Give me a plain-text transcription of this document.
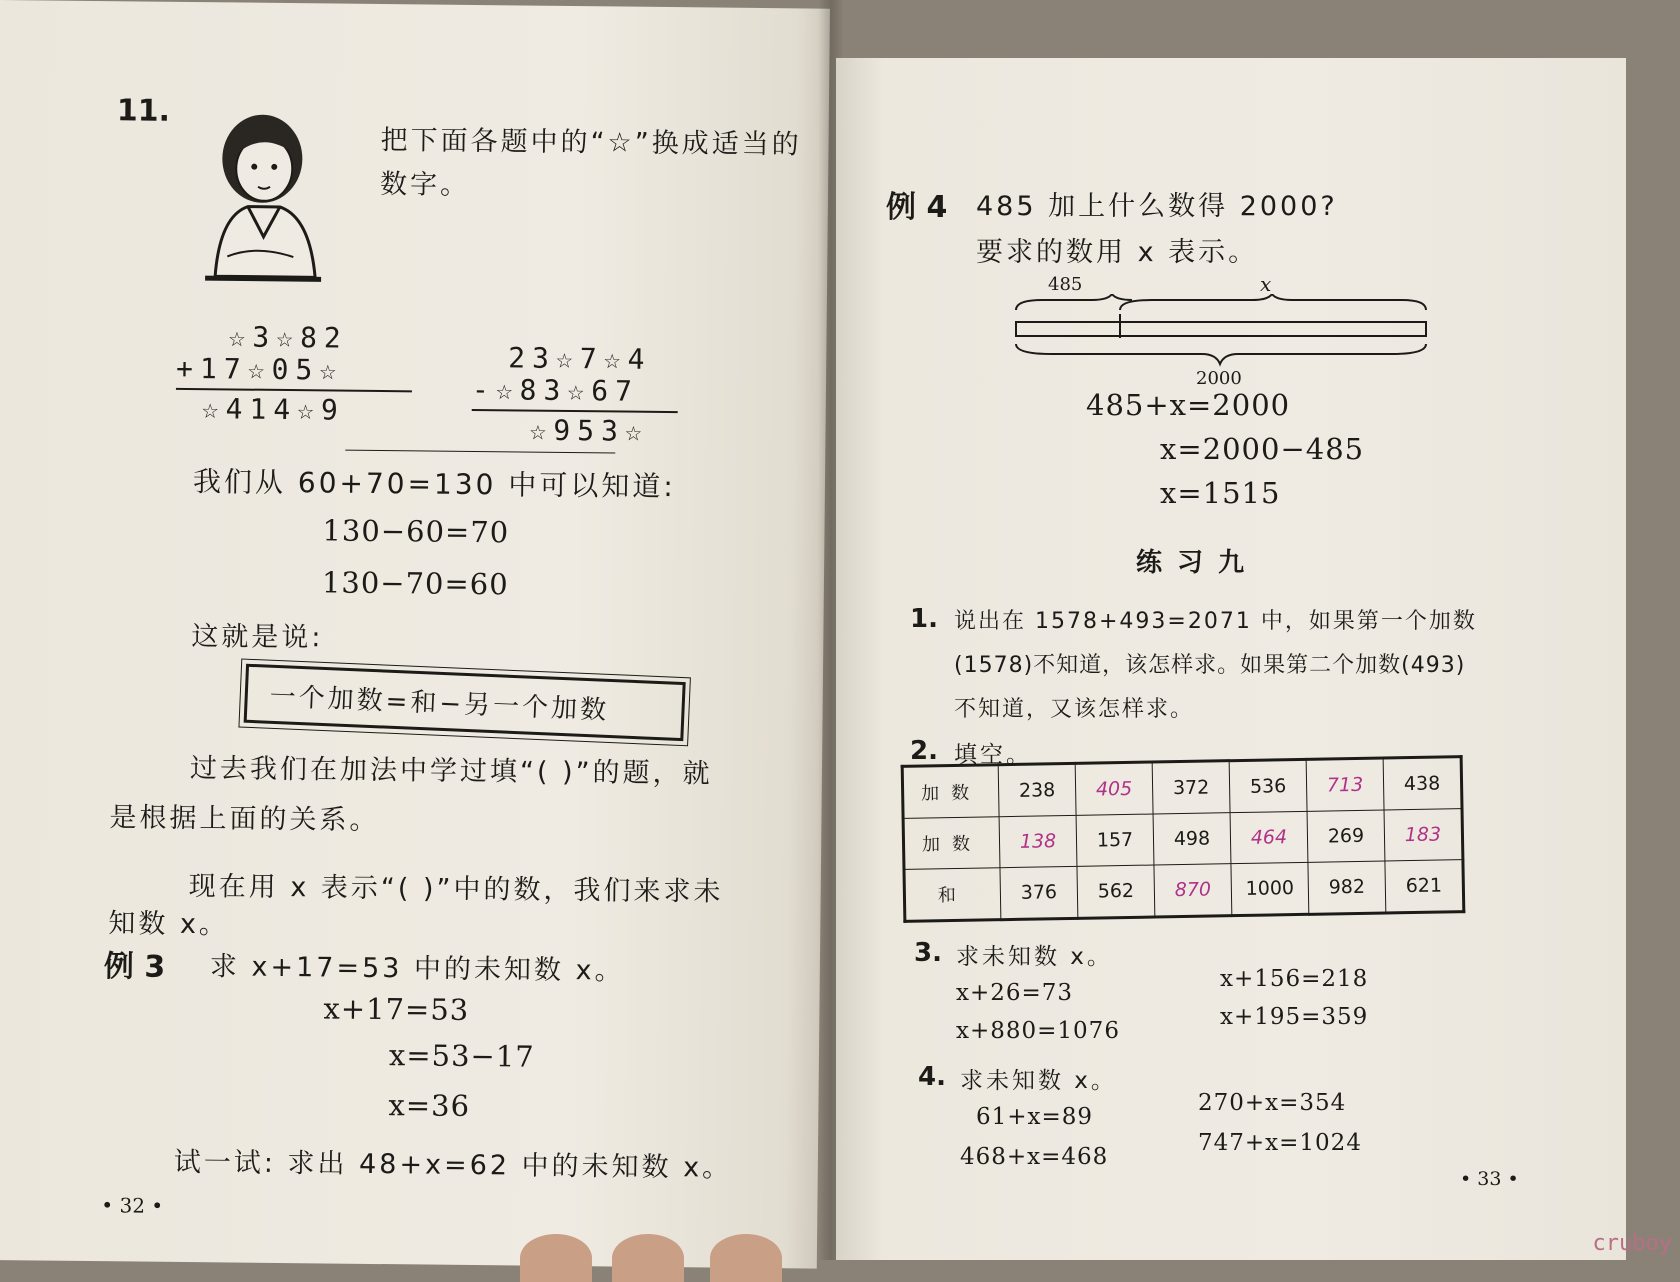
11.
把下面各题中的“☆”换成适当的
数字。
☆3☆82
+17☆05☆
☆414☆9
23☆7☆4
-☆83☆67
☆953☆
我们从 60+70=130 中可以知道:
130−60=70
130−70=60
这就是说:
一个加数=和−另一个加数
过去我们在加法中学过填“( )”的题，就
是根据上面的关系。
现在用 x 表示“( )”中的数，我们来求未
知数 x。
例 3 求 x+17=53 中的未知数 x。
x+17=53
x=53−17
x=36
试一试: 求出 48+x=62 中的未知数 x。
• 32 •
例 4 485 加上什么数得 2000?
要求的数用 x 表示。
485	x
2000
485+x=2000
x=2000−485
x=1515
练 习 九
1. 说出在 1578+493=2071 中，如果第一个加数
(1578)不知道，该怎样求。如果第二个加数(493)
不知道，又该怎样求。
2. 填空。
加数	238	405	372	536	713	438
加数	138	157	498	464	269	183
和	376	562	870	1000	982	621
3. 求未知数 x。
x+26=73
x+156=218
x+880=1076
x+195=359
4. 求未知数 x。
61+x=89
270+x=354
468+x=468
747+x=1024
• 33 •
cruboy
